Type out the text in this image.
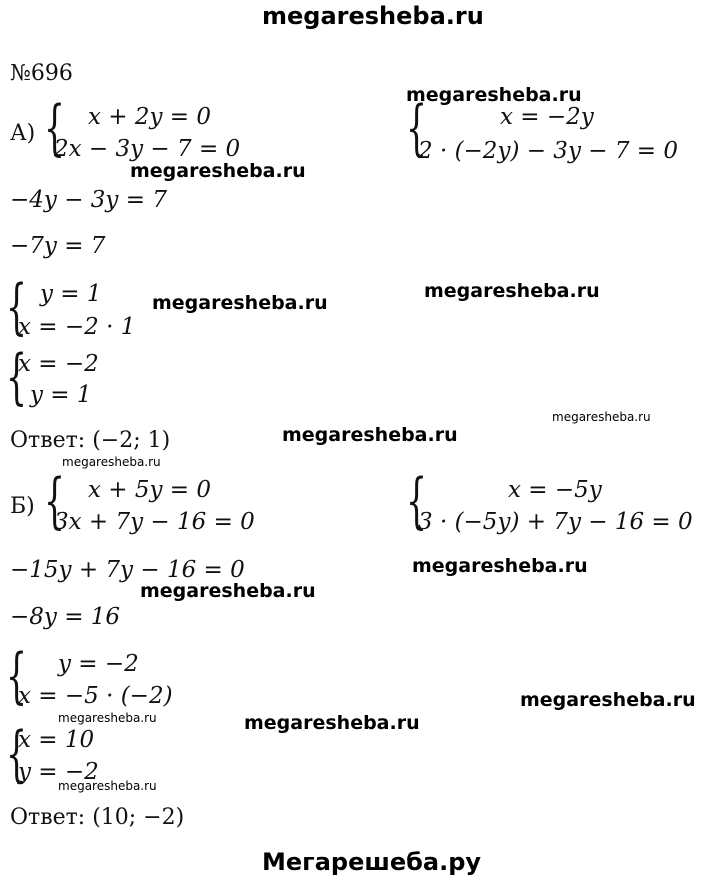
megaresheba.ru
№696
А) { x + 2y = 0
2x − 3y − 7 = 0	{	x = −2y
2 · (−2y) − 3y − 7 = 0
−4y − 3y = 7
−7y = 7
{ y = 1
x = −2 · 1
{
x = −2
y = 1
Ответ: (−2; 1)
Б) { x + 5y = 0
3x + 7y − 16 = 0	{	x = −5y
3 · (−5y) + 7y − 16 = 0
−15y + 7y − 16 = 0
−8y = 16
{ y = −2
x = −5 · (−2)
{
x = 10
y = −2
Ответ: (10; −2)
megaresheba.ru
megaresheba.ru
megaresheba.ru
megaresheba.ru
megaresheba.ru
megaresheba.ru
megaresheba.ru
megaresheba.ru
megaresheba.ru
megaresheba.ru
megaresheba.ru	megaresheba.ru
megaresheba.ru
Мегарешеба.ру
